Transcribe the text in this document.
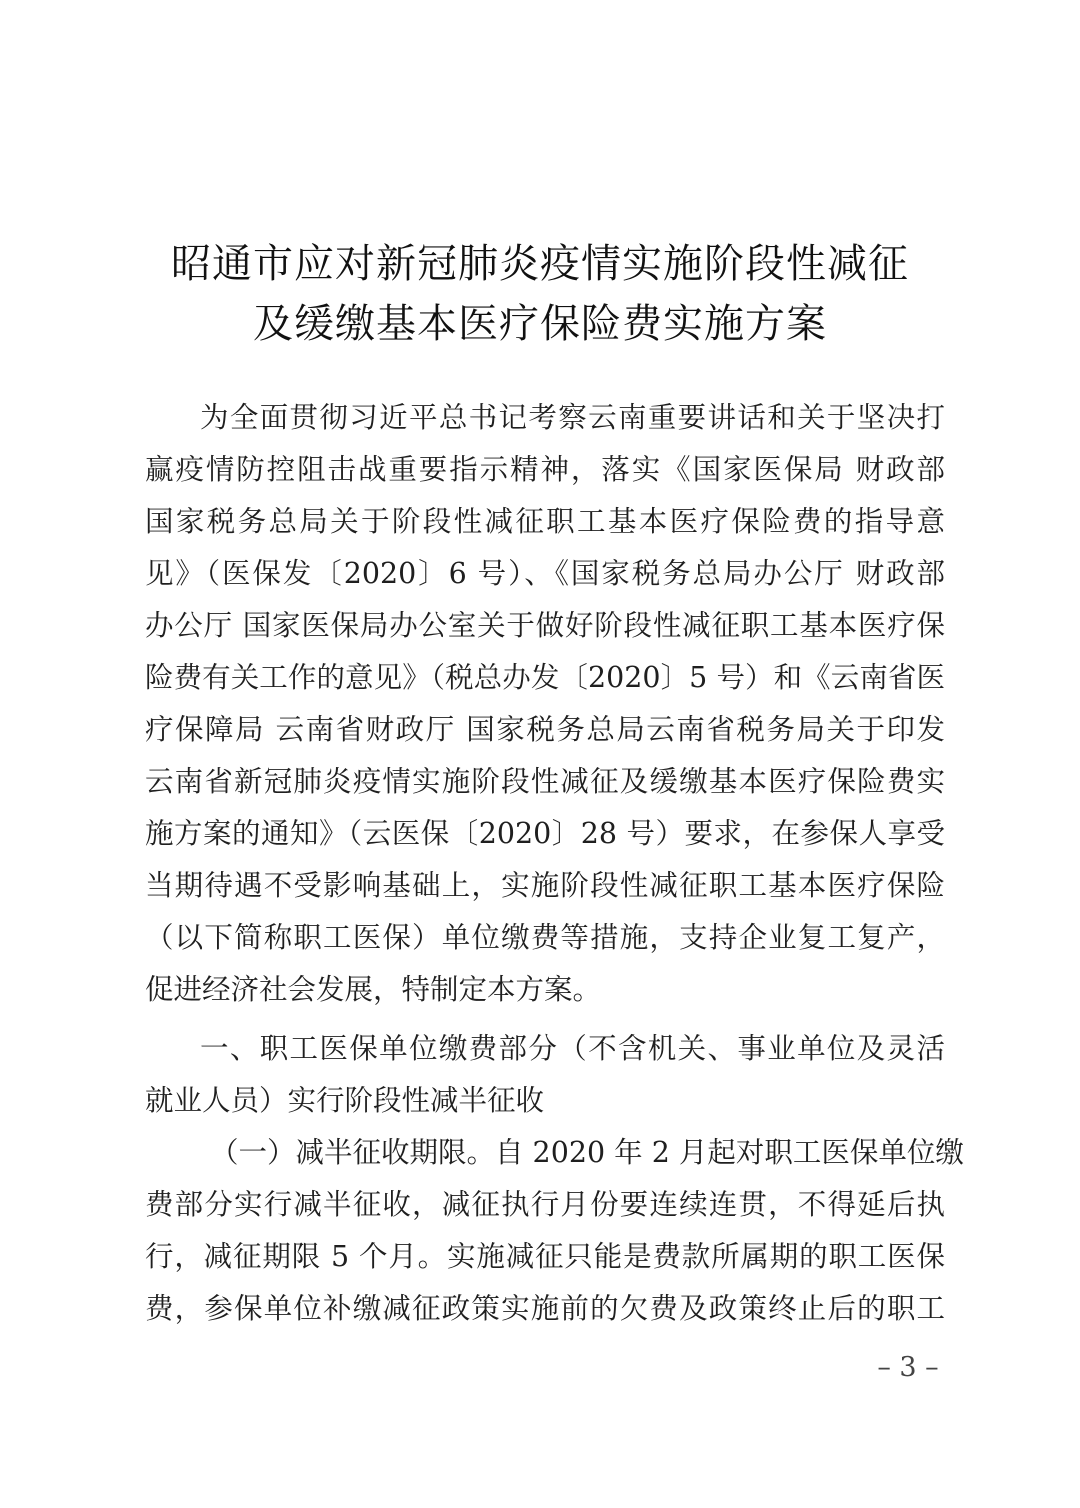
昭通市应对新冠肺炎疫情实施阶段性减征
及缓缴基本医疗保险费实施方案

为全面贯彻习近平总书记考察云南重要讲话和关于坚决打

赢疫情防控阻击战重要指示精神，落实《国家医保局 财政部

国家税务总局关于阶段性减征职工基本医疗保险费的指导意

见》（医保发〔2020〕6 号）、《国家税务总局办公厅 财政部

办公厅 国家医保局办公室关于做好阶段性减征职工基本医疗保

险费有关工作的意见》（税总办发〔2020〕5 号）和《云南省医

疗保障局 云南省财政厅 国家税务总局云南省税务局关于印发

云南省新冠肺炎疫情实施阶段性减征及缓缴基本医疗保险费实

施方案的通知》（云医保〔2020〕28 号）要求，在参保人享受

当期待遇不受影响基础上，实施阶段性减征职工基本医疗保险

（以下简称职工医保）单位缴费等措施，支持企业复工复产，

促进经济社会发展，特制定本方案。

一、职工医保单位缴费部分（不含机关、事业单位及灵活

就业人员）实行阶段性减半征收

（一）减半征收期限。自 2020 年 2 月起对职工医保单位缴

费部分实行减半征收，减征执行月份要连续连贯，不得延后执

行，减征期限 5 个月。实施减征只能是费款所属期的职工医保

费，参保单位补缴减征政策实施前的欠费及政策终止后的职工

– 3 –
